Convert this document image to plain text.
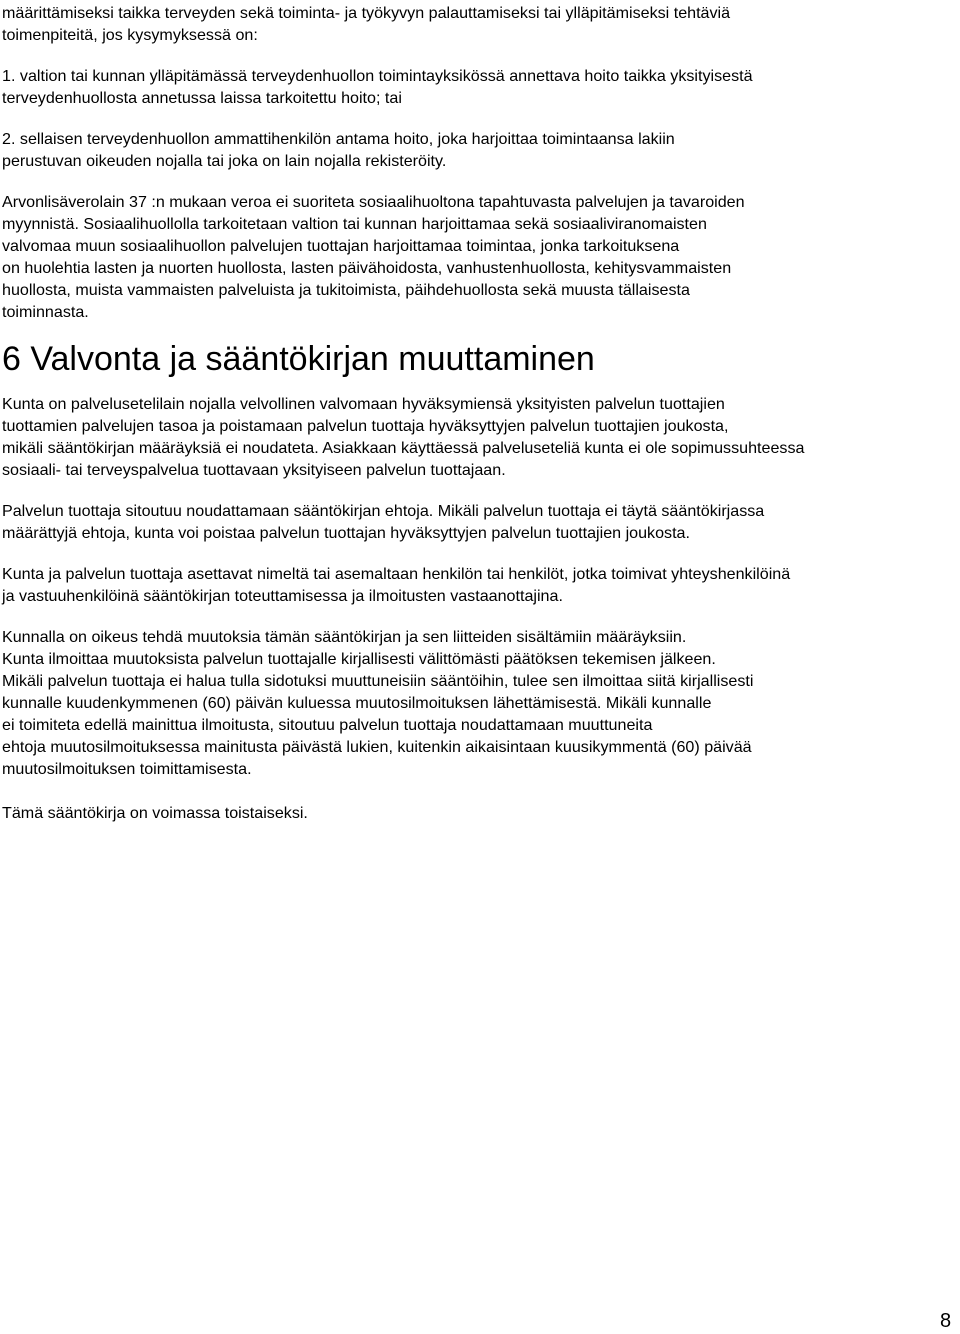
määrittämiseksi taikka terveyden sekä toiminta- ja työkyvyn palauttamiseksi tai ylläpitämiseksi tehtäviä
toimenpiteitä, jos kysymyksessä on:

1. valtion tai kunnan ylläpitämässä terveydenhuollon toimintayksikössä annettava hoito taikka yksityisestä
terveydenhuollosta annetussa laissa tarkoitettu hoito; tai

2. sellaisen terveydenhuollon ammattihenkilön antama hoito, joka harjoittaa toimintaansa lakiin
perustuvan oikeuden nojalla tai joka on lain nojalla rekisteröity.

Arvonlisäverolain 37 :n mukaan veroa ei suoriteta sosiaalihuoltona tapahtuvasta palvelujen ja tavaroiden
myynnistä. Sosiaalihuollolla tarkoitetaan valtion tai kunnan harjoittamaa sekä sosiaaliviranomaisten
valvomaa muun sosiaalihuollon palvelujen tuottajan harjoittamaa toimintaa, jonka tarkoituksena
on huolehtia lasten ja nuorten huollosta, lasten päivähoidosta, vanhustenhuollosta, kehitysvammaisten
huollosta, muista vammaisten palveluista ja tukitoimista, päihdehuollosta sekä muusta tällaisesta
toiminnasta.

6 Valvonta ja sääntökirjan muuttaminen

Kunta on palvelusetelilain nojalla velvollinen valvomaan hyväksymiensä yksityisten palvelun tuottajien
tuottamien palvelujen tasoa ja poistamaan palvelun tuottaja hyväksyttyjen palvelun tuottajien joukosta,
mikäli sääntökirjan määräyksiä ei noudateta. Asiakkaan käyttäessä palveluseteliä kunta ei ole sopimussuhteessa
sosiaali- tai terveyspalvelua tuottavaan yksityiseen palvelun tuottajaan.

Palvelun tuottaja sitoutuu noudattamaan sääntökirjan ehtoja. Mikäli palvelun tuottaja ei täytä sääntökirjassa
määrättyjä ehtoja, kunta voi poistaa palvelun tuottajan hyväksyttyjen palvelun tuottajien joukosta.

Kunta ja palvelun tuottaja asettavat nimeltä tai asemaltaan henkilön tai henkilöt, jotka toimivat yhteyshenkilöinä
ja vastuuhenkilöinä sääntökirjan toteuttamisessa ja ilmoitusten vastaanottajina.

Kunnalla on oikeus tehdä muutoksia tämän sääntökirjan ja sen liitteiden sisältämiin määräyksiin.
Kunta ilmoittaa muutoksista palvelun tuottajalle kirjallisesti välittömästi päätöksen tekemisen jälkeen.
Mikäli palvelun tuottaja ei halua tulla sidotuksi muuttuneisiin sääntöihin, tulee sen ilmoittaa siitä kirjallisesti
kunnalle kuudenkymmenen (60) päivän kuluessa muutosilmoituksen lähettämisestä. Mikäli kunnalle
ei toimiteta edellä mainittua ilmoitusta, sitoutuu palvelun tuottaja noudattamaan muuttuneita
ehtoja muutosilmoituksessa mainitusta päivästä lukien, kuitenkin aikaisintaan kuusikymmentä (60) päivää
muutosilmoituksen toimittamisesta.

Tämä sääntökirja on voimassa toistaiseksi.

8
